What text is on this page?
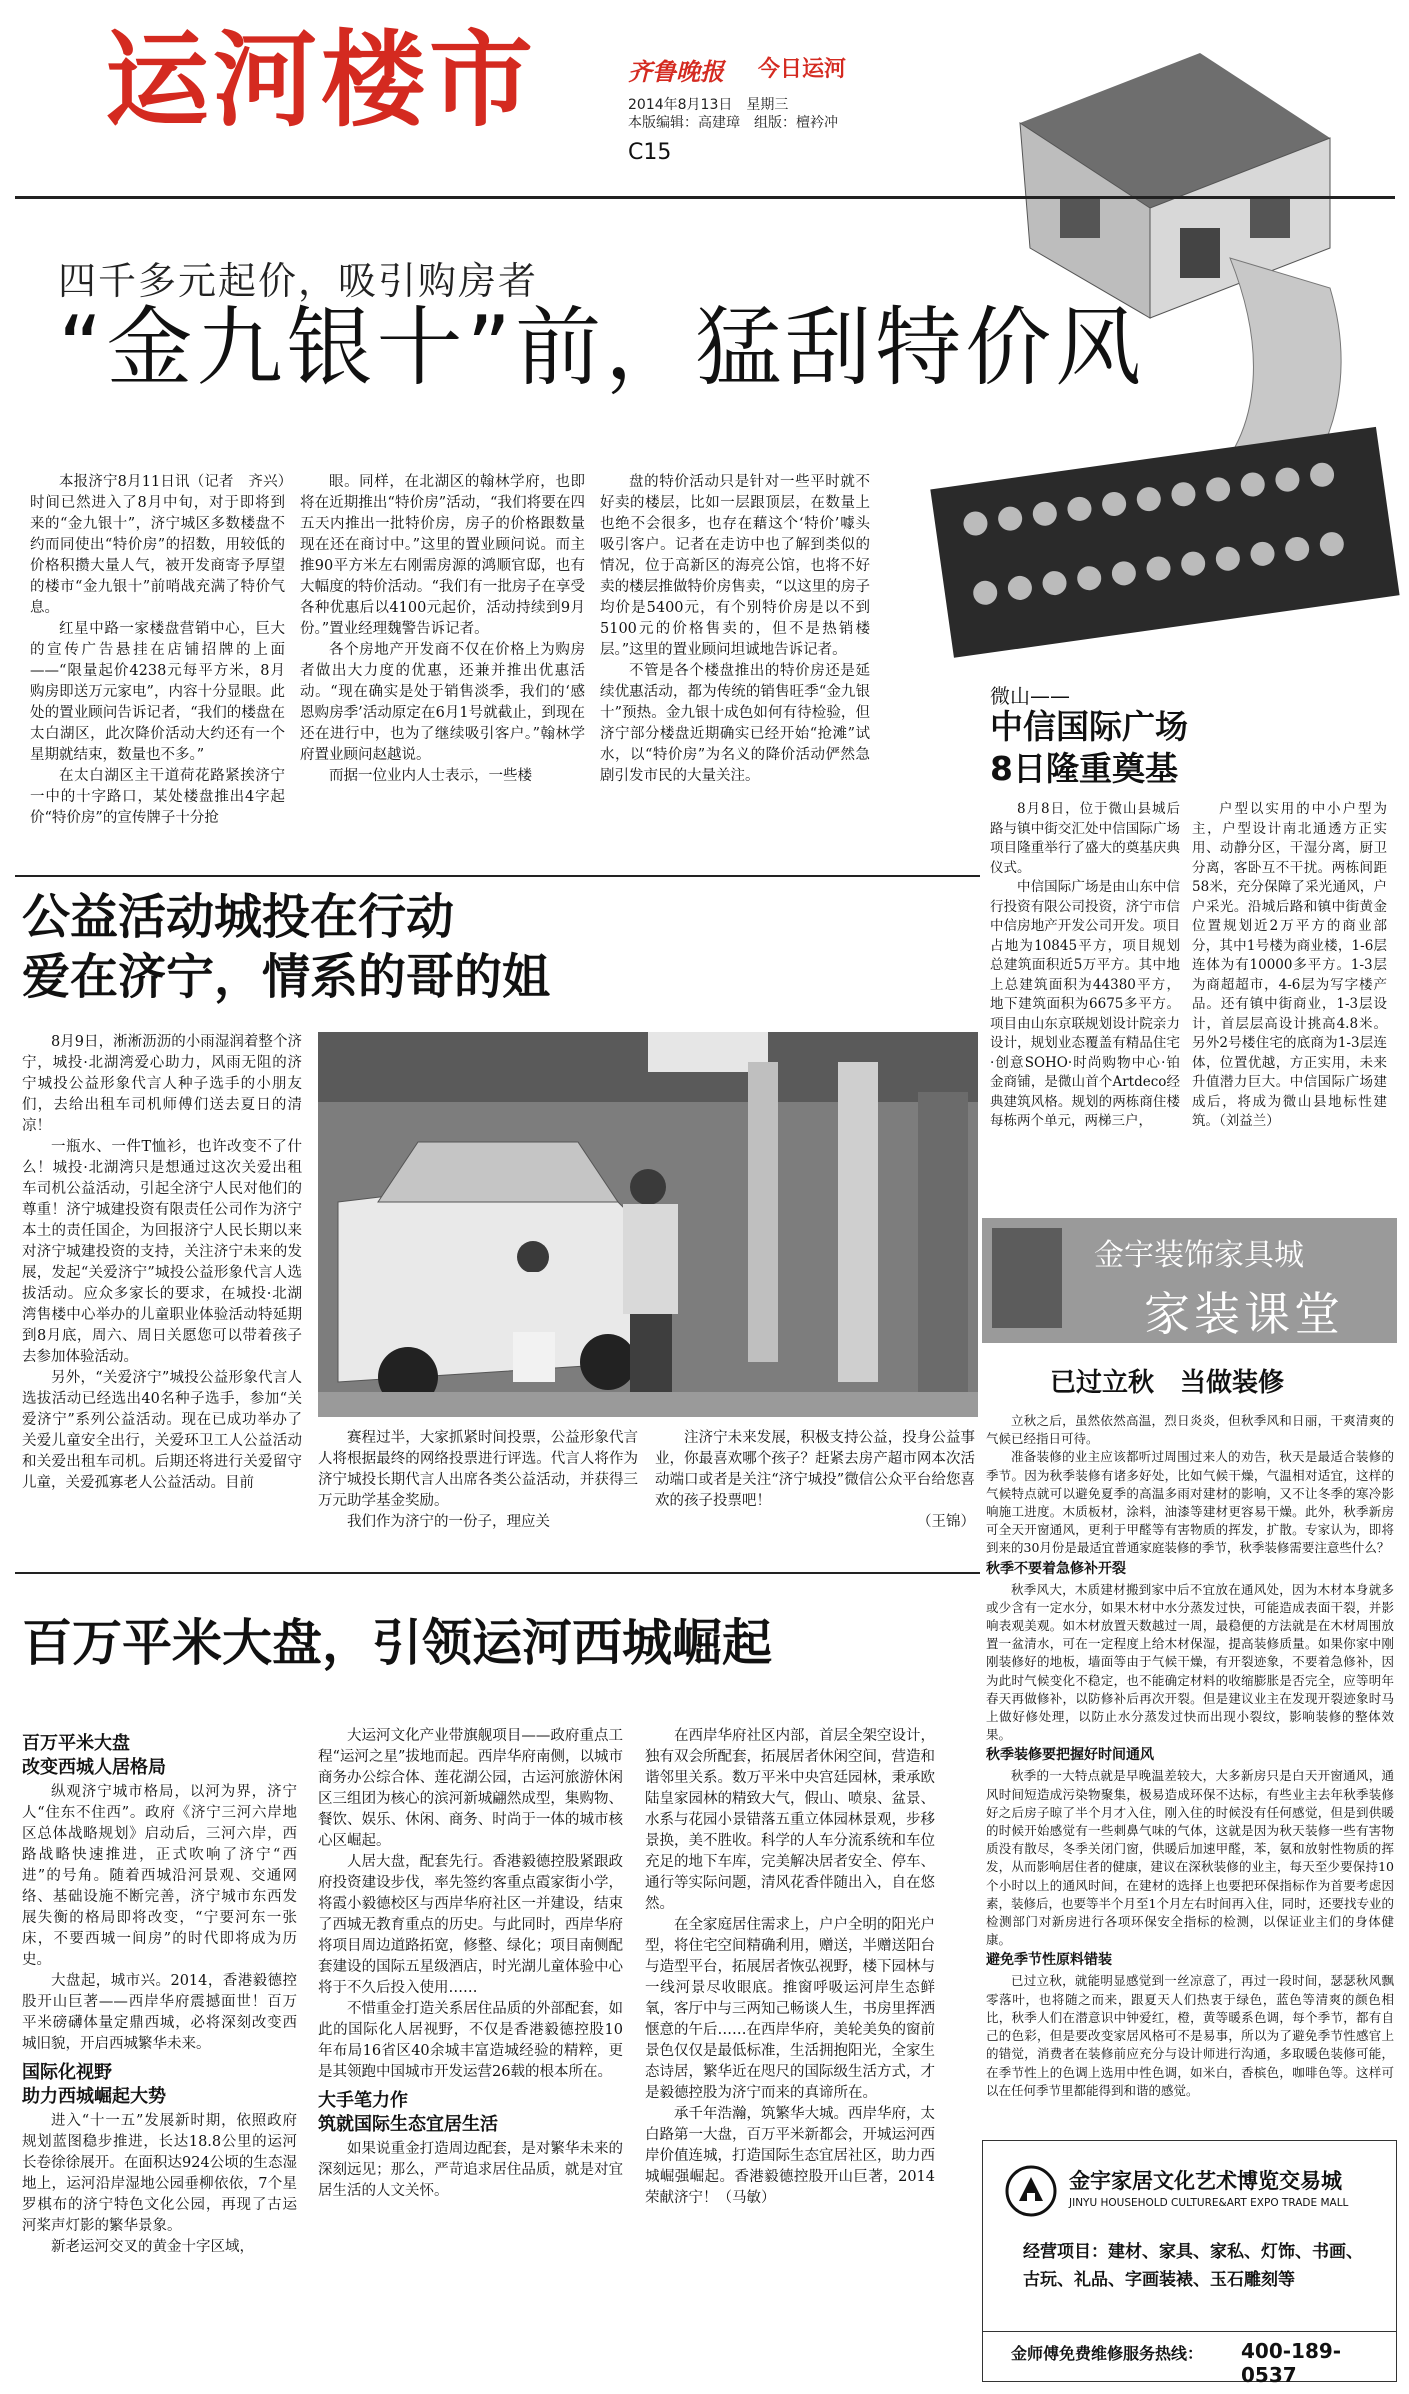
运河楼市	齐鲁晚报 今日运河
2014年8月13日　星期三
本版编辑：高建璋　组版：檀衿冲
C15
四千多元起价，吸引购房者
“金九银十”前，猛刮特价风

本报济宁8月11日讯（记者　齐兴）时间已然进入了8月中旬，对于即将到来的“金九银十”，济宁城区多数楼盘不约而同使出“特价房”的招数，用较低的价格积攒大量人气，被开发商寄予厚望的楼市“金九银十”前哨战充满了特价气息。

红星中路一家楼盘营销中心，巨大的宣传广告悬挂在店铺招牌的上面——“限量起价4238元每平方米，8月购房即送万元家电”，内容十分显眼。此处的置业顾问告诉记者，“我们的楼盘在太白湖区，此次降价活动大约还有一个星期就结束，数量也不多。”

在太白湖区主干道荷花路紧挨济宁一中的十字路口，某处楼盘推出4字起价“特价房”的宣传牌子十分抢

眼。同样，在北湖区的翰林学府，也即将在近期推出“特价房”活动，“我们将要在四五天内推出一批特价房，房子的价格跟数量现在还在商讨中。”这里的置业顾问说。而主推90平方米左右刚需房源的鸿顺官邸，也有大幅度的特价活动。“我们有一批房子在享受各种优惠后以4100元起价，活动持续到9月份。”置业经理魏警告诉记者。

各个房地产开发商不仅在价格上为购房者做出大力度的优惠，还兼并推出优惠活动。“现在确实是处于销售淡季，我们的‘感恩购房季’活动原定在6月1号就截止，到现在还在进行中，也为了继续吸引客户。”翰林学府置业顾问赵越说。

而据一位业内人士表示，一些楼

盘的特价活动只是针对一些平时就不好卖的楼层，比如一层跟顶层，在数量上也绝不会很多，也存在藉这个‘特价’噱头吸引客户。记者在走访中也了解到类似的情况，位于高新区的海亮公馆，也将不好卖的楼层推做特价房售卖，“以这里的房子均价是5400元，有个别特价房是以不到5100元的价格售卖的，但不是热销楼层。”这里的置业顾问坦诚地告诉记者。

不管是各个楼盘推出的特价房还是延续优惠活动，都为传统的销售旺季“金九银十”预热。金九银十成色如何有待检验，但济宁部分楼盘近期确实已经开始“抢滩”试水，以“特价房”为名义的降价活动俨然急剧引发市民的大量关注。

微山——
中信国际广场
8日隆重奠基

8月8日，位于微山县城后路与镇中街交汇处中信国际广场项目隆重举行了盛大的奠基庆典仪式。

中信国际广场是由山东中信行投资有限公司投资，济宁市信中信房地产开发公司开发。项目占地为10845平方，项目规划总建筑面积近5万平方。其中地上总建筑面积为44380平方，地下建筑面积为6675多平方。项目由山东京联规划设计院亲力设计，规划业态覆盖有精品住宅·创意SOHO·时尚购物中心·铂金商铺，是微山首个Artdeco经典建筑风格。规划的两栋商住楼每栋两个单元，两梯三户，

户型以实用的中小户型为主，户型设计南北通透方正实用、动静分区，干湿分离，厨卫分离，客卧互不干扰。两栋间距58米，充分保障了采光通风，户户采光。沿城后路和镇中街黄金位置规划近2万平方的商业部分，其中1号楼为商业楼，1-6层连体为有10000多平方。1-3层为商超超市，4-6层为写字楼产品。还有镇中街商业，1-3层设计，首层层高设计挑高4.8米。另外2号楼住宅的底商为1-3层连体，位置优越，方正实用，未来升值潜力巨大。中信国际广场建成后，将成为微山县地标性建筑。（刘益兰）

公益活动城投在行动
爱在济宁，情系的哥的姐

8月9日，淅淅沥沥的小雨湿润着整个济宁，城投·北湖湾爱心助力，风雨无阻的济宁城投公益形象代言人种子选手的小朋友们，去给出租车司机师傅们送去夏日的清凉！

一瓶水、一件T恤衫，也许改变不了什么！城投·北湖湾只是想通过这次关爱出租车司机公益活动，引起全济宁人民对他们的尊重！济宁城建投资有限责任公司作为济宁本土的责任国企，为回报济宁人民长期以来对济宁城建投资的支持，关注济宁未来的发展，发起“关爱济宁”城投公益形象代言人选拔活动。应众多家长的要求，在城投·北湖湾售楼中心举办的儿童职业体验活动特延期到8月底，周六、周日关愿您可以带着孩子去参加体验活动。

另外，“关爱济宁”城投公益形象代言人选拔活动已经选出40名种子选手，参加“关爱济宁”系列公益活动。现在已成功举办了关爱儿童安全出行，关爱环卫工人公益活动和关爱出租车司机。后期还将进行关爱留守儿童，关爱孤寡老人公益活动。目前

赛程过半，大家抓紧时间投票，公益形象代言人将根据最终的网络投票进行评选。代言人将作为济宁城投长期代言人出席各类公益活动，并获得三万元助学基金奖励。

我们作为济宁的一份子，理应关

注济宁未来发展，积极支持公益，投身公益事业，你最喜欢哪个孩子？赶紧去房产超市网本次活动端口或者是关注“济宁城投”微信公众平台给您喜欢的孩子投票吧！

（王锦）
百万平米大盘，引领运河西城崛起
百万平米大盘
改变西城人居格局

纵观济宁城市格局，以河为界，济宁人“住东不住西”。政府《济宁三河六岸地区总体战略规划》启动后，三河六岸，西路战略快速推进，正式吹响了济宁“西进”的号角。随着西城沿河景观、交通网络、基础设施不断完善，济宁城市东西发展失衡的格局即将改变，“宁要河东一张床，不要西城一间房”的时代即将成为历史。

大盘起，城市兴。2014，香港毅德控股开山巨著——西岸华府震撼面世！百万平米磅礴体量定鼎西城，必将深刻改变西城旧貌，开启西城繁华未来。

国际化视野
助力西城崛起大势

进入“十一五”发展新时期，依照政府规划蓝图稳步推进，长达18.8公里的运河长卷徐徐展开。在面积达924公顷的生态湿地上，运河沿岸湿地公园垂柳依依，7个星罗棋布的济宁特色文化公园，再现了古运河桨声灯影的繁华景象。

新老运河交叉的黄金十字区域，

大运河文化产业带旗舰项目——政府重点工程“运河之星”拔地而起。西岸华府南侧，以城市商务办公综合体、莲花湖公园，古运河旅游休闲区三组团为核心的滨河新城翩然成型，集购物、餐饮、娱乐、休闲、商务、时尚于一体的城市核心区崛起。

人居大盘，配套先行。香港毅德控股紧跟政府投资建设步伐，率先签约客重点霞家街小学，将霞小毅德校区与西岸华府社区一并建设，结束了西城无教育重点的历史。与此同时，西岸华府将项目周边道路拓宽，修整、绿化；项目南侧配套建设的国际五星级酒店，时光湖儿童体验中心将于不久后投入使用……

不惜重金打造关系居住品质的外部配套，如此的国际化人居视野，不仅是香港毅德控股10年布局16省区40余城丰富造城经验的精粹，更是其领跑中国城市开发运营26载的根本所在。

大手笔力作
筑就国际生态宜居生活

如果说重金打造周边配套，是对繁华未来的深刻远见；那么，严苛追求居住品质，就是对宜居生活的人文关怀。

在西岸华府社区内部，首层全架空设计，独有双会所配套，拓展居者休闲空间，营造和谐邻里关系。数万平米中央宫廷园林，秉承欧陆皇家园林的精致大气，假山、喷泉、盆景、水系与花园小景错落五重立体园林景观，步移景换，美不胜收。科学的人车分流系统和车位充足的地下车库，完美解决居者安全、停车、通行等实际问题，清风花香伴随出入，自在悠然。

在全家庭居住需求上，户户全明的阳光户型，将住宅空间精确利用，赠送，半赠送阳台与造型平台，拓展居者恢弘视野，楼下园林与一线河景尽收眼底。推窗呼吸运河岸生态鲜氧，客厅中与三两知己畅谈人生，书房里挥洒惬意的午后……在西岸华府，美轮美奂的窗前景色仅仅是最低标准，生活拥抱阳光，全家生态诗居，繁华近在咫尺的国际级生活方式，才是毅德控股为济宁而来的真谛所在。

承千年浩瀚，筑繁华大城。西岸华府，太白路第一大盘，百万平米新都会，开城运河西岸价值连城，打造国际生态宜居社区，助力西城崛强崛起。香港毅德控股开山巨著，2014荣献济宁！（马敏）

金宇装饰家具城
家装课堂
已过立秋　当做装修

立秋之后，虽然依然高温，烈日炎炎，但秋季风和日丽，干爽清爽的气候已经指日可待。

准备装修的业主应该都听过周围过来人的劝告，秋天是最适合装修的季节。因为秋季装修有诸多好处，比如气候干燥，气温相对适宜，这样的气候特点就可以避免夏季的高温多雨对建材的影响，又不让冬季的寒冷影响施工进度。木质板材，涂料，油漆等建材更容易干燥。此外，秋季新房可全天开窗通风，更利于甲醛等有害物质的挥发，扩散。专家认为，即将到来的30月份是最适宜普通家庭装修的季节，秋季装修需要注意些什么？

秋季不要着急修补开裂

秋季风大，木质建材搬到家中后不宜放在通风处，因为木材本身就多或少含有一定水分，如果木材中水分蒸发过快，可能造成表面干裂，并影响表观美观。如木材放置天数越过一周，最稳便的方法就是在木材周围放置一盆清水，可在一定程度上给木材保湿，提高装修质量。如果你家中刚刚装修好的地板，墙面等由于气候干燥，有开裂迹象，不要着急修补，因为此时气候变化不稳定，也不能确定材料的收缩膨胀是否完全，应等明年春天再做修补，以防修补后再次开裂。但是建议业主在发现开裂迹象时马上做好修处理，以防止水分蒸发过快而出现小裂纹，影响装修的整体效果。

秋季装修要把握好时间通风

秋季的一大特点就是早晚温差较大，大多新房只是白天开窗通风，通风时间短造成污染物聚集，极易造成环保不达标，有些业主去年秋季装修好之后房子晾了半个月才入住，刚入住的时候没有任何感觉，但是到供暖的时候开始感觉有一些刺鼻气味的气体，这就是因为秋天装修一些有害物质没有散尽，冬季关闭门窗，供暖后加速甲醛，苯，氨和放射性物质的挥发，从而影响居住者的健康，建议在深秋装修的业主，每天至少要保持10个小时以上的通风时间，在建材的选择上也要把环保指标作为首要考虑因素，装修后，也要等半个月至1个月左右时间再入住，同时，还要找专业的检测部门对新房进行各项环保安全指标的检测，以保证业主们的身体健康。

避免季节性原料错装

已过立秋，就能明显感觉到一丝凉意了，再过一段时间，瑟瑟秋风飘零落叶，也将随之而来，跟夏天人们热衷于绿色，蓝色等清爽的颜色相比，秋季人们在潜意识中钟爱红，橙，黄等暖系色调，每个季节，都有自己的色彩，但是要改变家居风格可不是易事，所以为了避免季节性感官上的错觉，消费者在装修前应充分与设计师进行沟通，多取暖色装修可能，在季节性上的色调上选用中性色调，如米白，香槟色，咖啡色等。这样可以在任何季节里都能得到和谐的感觉。

金宇家居文化艺术博览交易城
JINYU HOUSEHOLD CULTURE&ART EXPO TRADE MALL
经营项目：建材、家具、家私、灯饰、书画、
古玩、礼品、字画装裱、玉石雕刻等
金师傅免费维修服务热线： 400-189-0537
